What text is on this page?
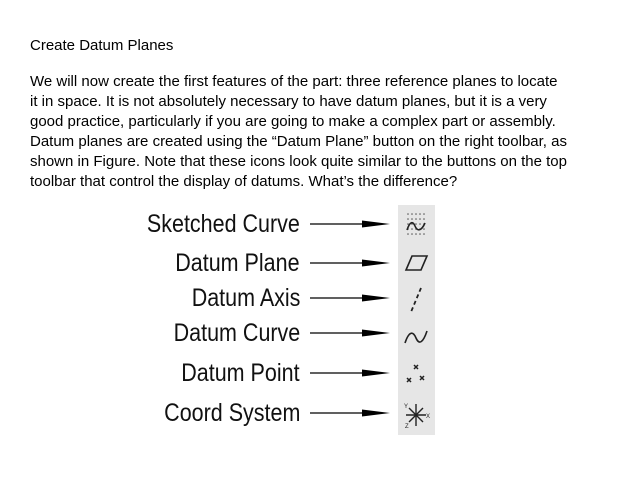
Create Datum Planes
We will now create the first features of the part: three reference planes to locate
it in space. It is not absolutely necessary to have datum planes, but it is a very
good practice, particularly if you are going to make a complex part or assembly.
Datum planes are created using the “Datum Plane” button on the right toolbar, as
shown in Figure. Note that these icons look quite similar to the buttons on the top
toolbar that control the display of datums. What’s the difference?
Sketched Curve
Datum Plane
Datum Axis
Datum Curve
Datum Point
Coord System	Y
Z
X
